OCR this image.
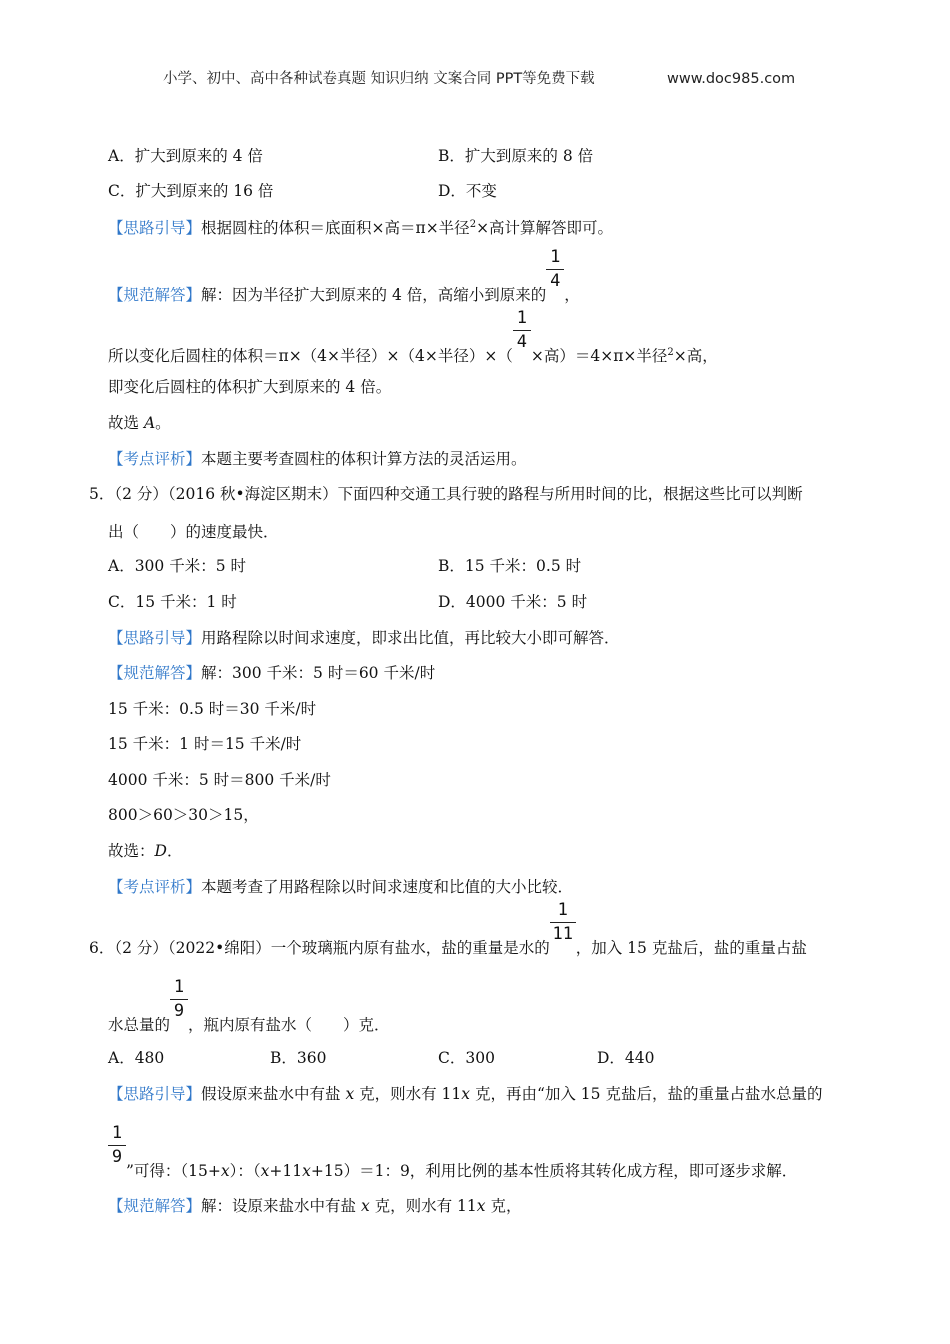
小学、初中、高中各种试卷真题 知识归纳 文案合同 PPT等免费下载	www.doc985.com
A．扩大到原来的 4 倍	B．扩大到原来的 8 倍
C．扩大到原来的 16 倍	D．不变
【思路引导】根据圆柱的体积＝底面积×高＝π×半径$^2$×高计算解答即可。
【规范解答】解：因为半径扩大到原来的 4 倍，高缩小到原来的 $\frac{1}{4}$ ，
所以变化后圆柱的体积＝π×（4×半径）×（4×半径）×（ $\frac{1}{4}$ ×高）＝4×π×半径$^2$×高，
即变化后圆柱的体积扩大到原来的 4 倍。
故选 A。
【考点评析】本题主要考查圆柱的体积计算方法的灵活运用。
5．（2 分）（2016 秋•海淀区期末）下面四种交通工具行驶的路程与所用时间的比，根据这些比可以判断
出（　　）的速度最快．
A．300 千米：5 时	B．15 千米：0.5 时
C．15 千米：1 时	D．4000 千米：5 时
【思路引导】用路程除以时间求速度，即求出比值，再比较大小即可解答．
【规范解答】解：300 千米：5 时＝60 千米/时
15 千米：0.5 时＝30 千米/时
15 千米：1 时＝15 千米/时
4000 千米：5 时＝800 千米/时
800＞60＞30＞15，
故选：D．
【考点评析】本题考查了用路程除以时间求速度和比值的大小比较．
6．（2 分）（2022•绵阳）一个玻璃瓶内原有盐水，盐的重量是水的 $\frac{1}{11}$ ，加入 15 克盐后，盐的重量占盐
水总量的 $\frac{1}{9}$ ，瓶内原有盐水（　　）克．
A．480	B．360	C．300	D．440
【思路引导】假设原来盐水中有盐 x 克，则水有 11x 克，再由“加入 15 克盐后，盐的重量占盐水总量的
$\frac{1}{9}$ ”可得：（15+x）：（x+11x+15）＝1：9，利用比例的基本性质将其转化成方程，即可逐步求解．
【规范解答】解：设原来盐水中有盐 x 克，则水有 11x 克，
